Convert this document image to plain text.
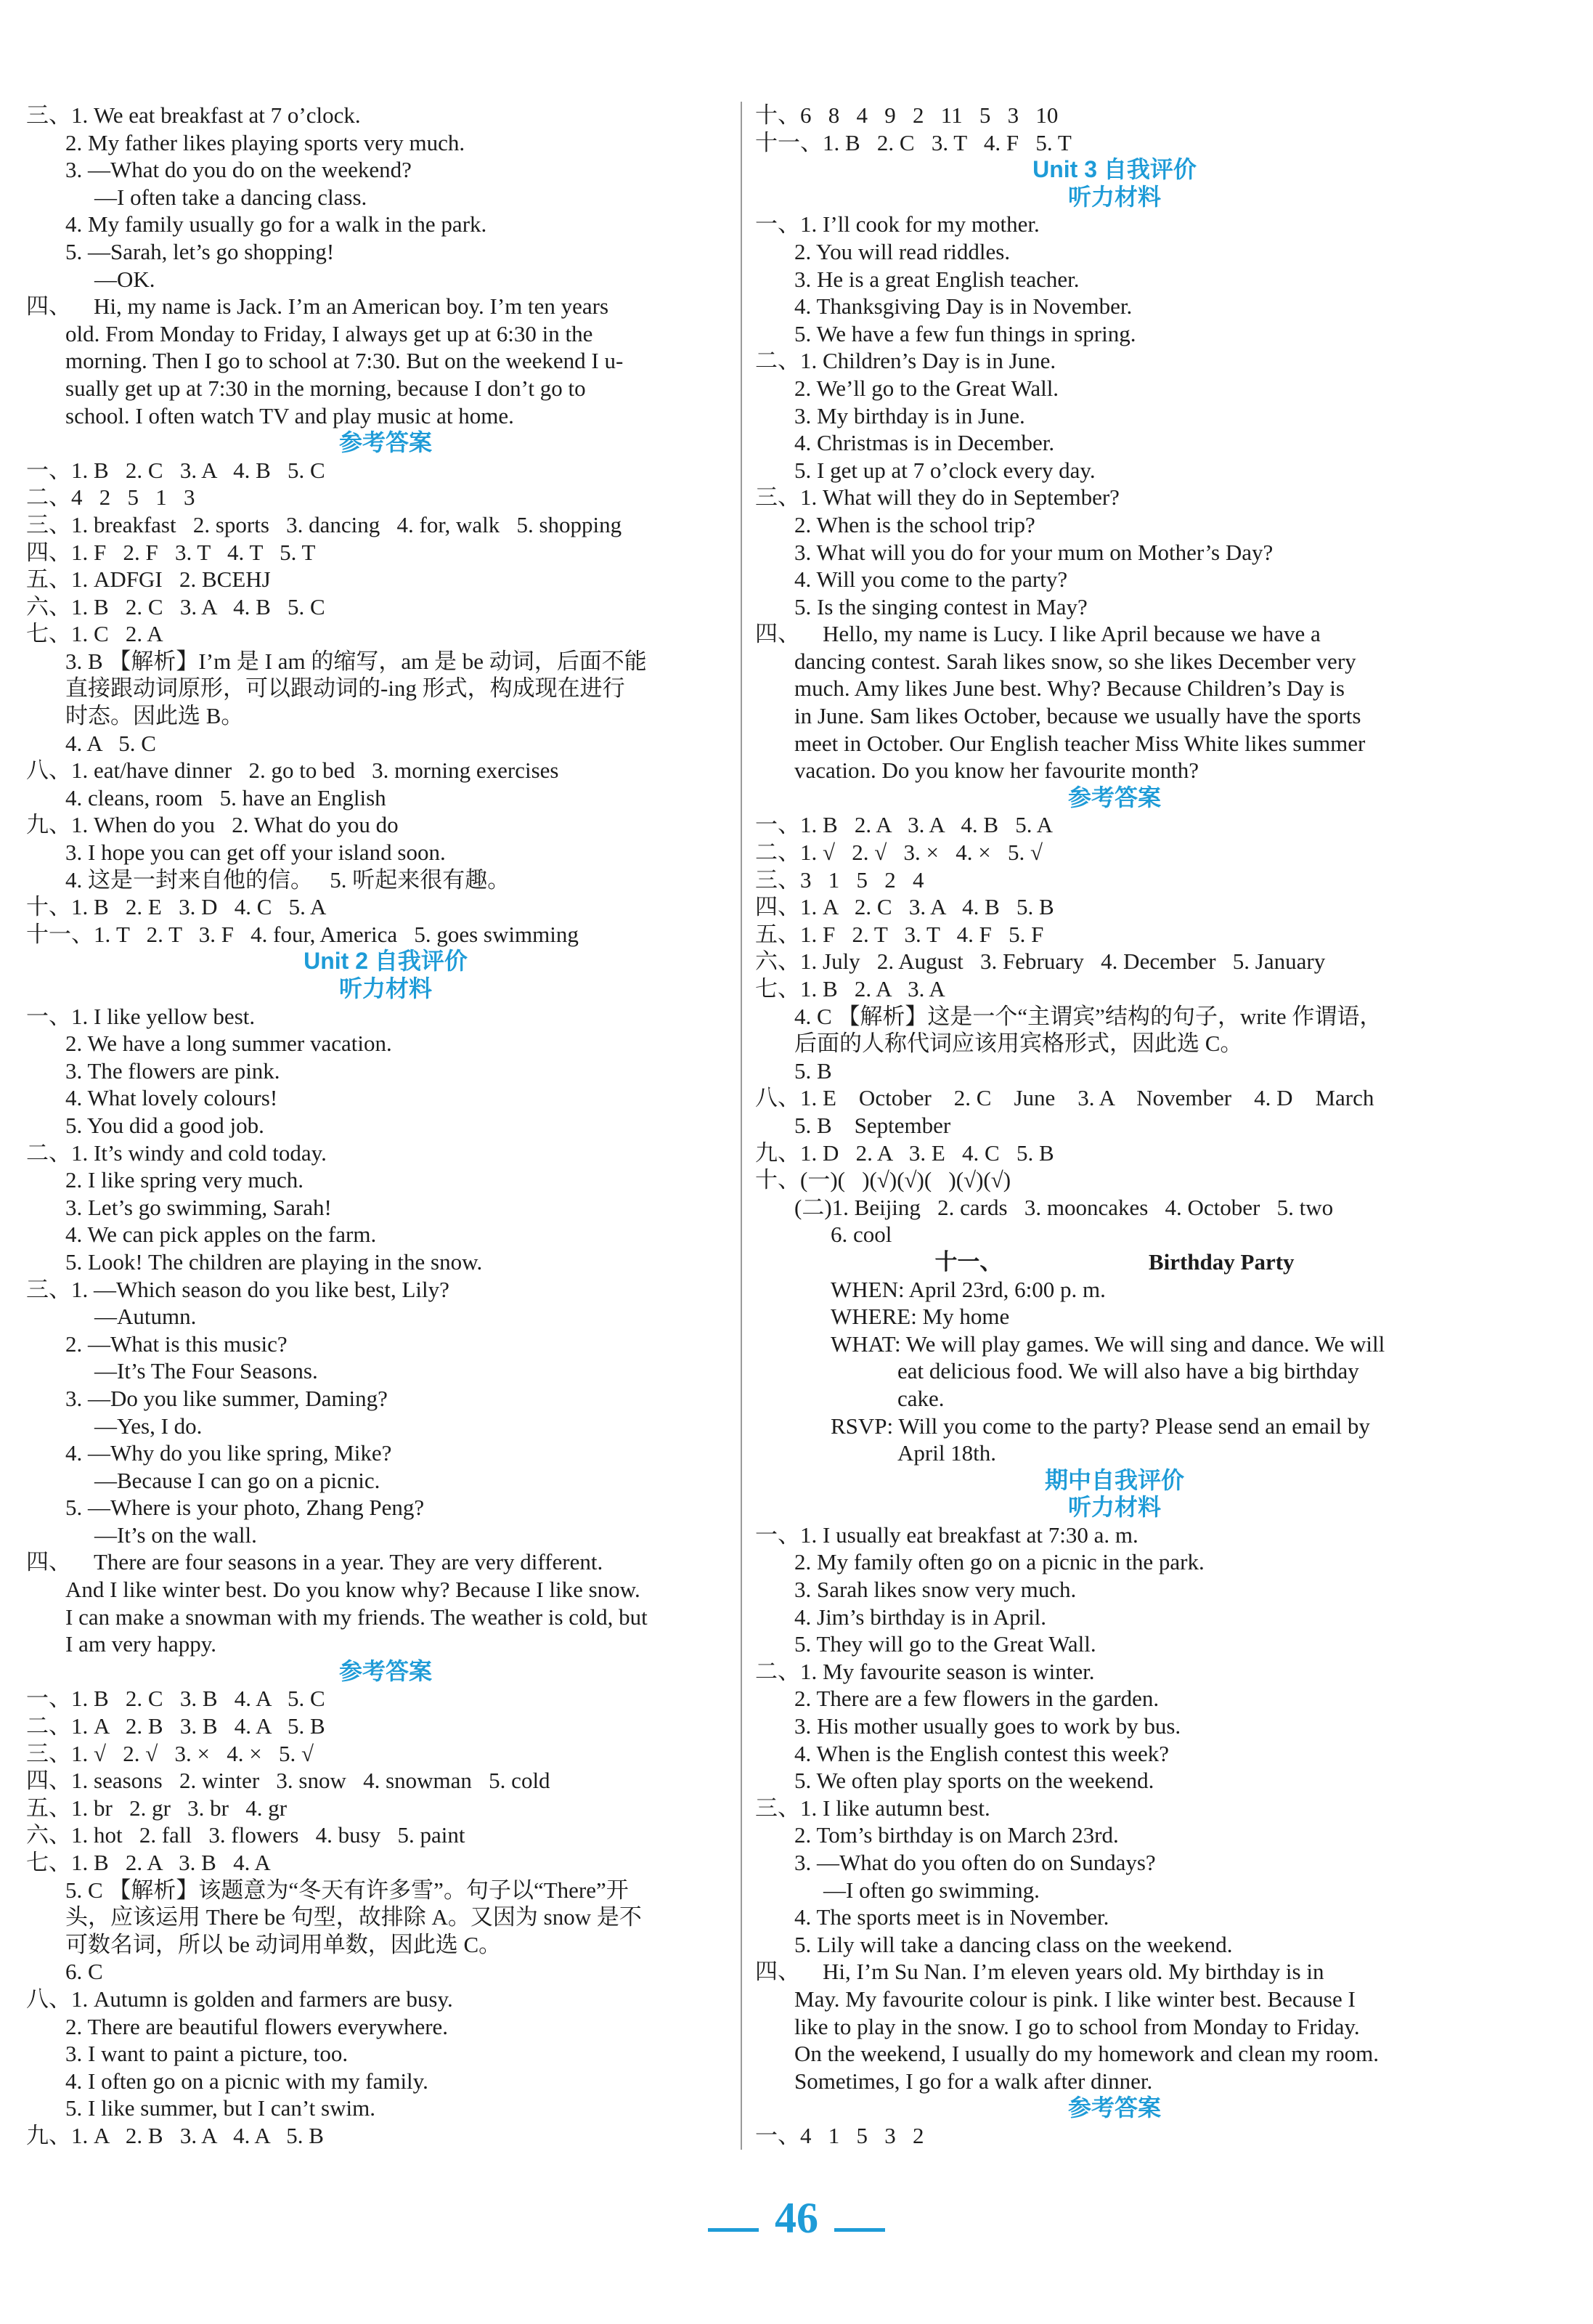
三、1. We eat breakfast at 7 o’clock.
2. My father likes playing sports very much.
3. —What do you do on the weekend?
—I often take a dancing class.
4. My family usually go for a walk in the park.
5. —Sarah, let’s go shopping!
—OK.
四、    Hi, my name is Jack. I’m an American boy. I’m ten years
old. From Monday to Friday, I always get up at 6:30 in the
morning. Then I go to school at 7:30. But on the weekend I u-
sually get up at 7:30 in the morning, because I don’t go to
school. I often watch TV and play music at home.
参考答案
一、1. B   2. C   3. A   4. B   5. C
二、4   2   5   1   3
三、1. breakfast   2. sports   3. dancing   4. for, walk   5. shopping
四、1. F   2. F   3. T   4. T   5. T
五、1. ADFGI   2. BCEHJ
六、1. B   2. C   3. A   4. B   5. C
七、1. C   2. A
3. B 【解析】I’m 是 I am 的缩写，am 是 be 动词，后面不能
直接跟动词原形，可以跟动词的-ing 形式，构成现在进行
时态。因此选 B。
4. A   5. C
八、1. eat/have dinner   2. go to bed   3. morning exercises
4. cleans, room   5. have an English
九、1. When do you   2. What do you do
3. I hope you can get off your island soon.
4. 这是一封来自他的信。   5. 听起来很有趣。
十、1. B   2. E   3. D   4. C   5. A
十一、1. T   2. T   3. F   4. four, America   5. goes swimming
Unit 2 自我评价
听力材料
一、1. I like yellow best.
2. We have a long summer vacation.
3. The flowers are pink.
4. What lovely colours!
5. You did a good job.
二、1. It’s windy and cold today.
2. I like spring very much.
3. Let’s go swimming, Sarah!
4. We can pick apples on the farm.
5. Look! The children are playing in the snow.
三、1. —Which season do you like best, Lily?
—Autumn.
2. —What is this music?
—It’s The Four Seasons.
3. —Do you like summer, Daming?
—Yes, I do.
4. —Why do you like spring, Mike?
—Because I can go on a picnic.
5. —Where is your photo, Zhang Peng?
—It’s on the wall.
四、    There are four seasons in a year. They are very different.
And I like winter best. Do you know why? Because I like snow.
I can make a snowman with my friends. The weather is cold, but
I am very happy.
参考答案
一、1. B   2. C   3. B   4. A   5. C
二、1. A   2. B   3. B   4. A   5. B
三、1. √   2. √   3. ×   4. ×   5. √
四、1. seasons   2. winter   3. snow   4. snowman   5. cold
五、1. br   2. gr   3. br   4. gr
六、1. hot   2. fall   3. flowers   4. busy   5. paint
七、1. B   2. A   3. B   4. A
5. C 【解析】该题意为“冬天有许多雪”。句子以“There”开
头，应该运用 There be 句型，故排除 A。又因为 snow 是不
可数名词，所以 be 动词用单数，因此选 C。
6. C
八、1. Autumn is golden and farmers are busy.
2. There are beautiful flowers everywhere.
3. I want to paint a picture, too.
4. I often go on a picnic with my family.
5. I like summer, but I can’t swim.
九、1. A   2. B   3. A   4. A   5. B
十、6   8   4   9   2   11   5   3   10
十一、1. B   2. C   3. T   4. F   5. T
Unit 3 自我评价
听力材料
一、1. I’ll cook for my mother.
2. You will read riddles.
3. He is a great English teacher.
4. Thanksgiving Day is in November.
5. We have a few fun things in spring.
二、1. Children’s Day is in June.
2. We’ll go to the Great Wall.
3. My birthday is in June.
4. Christmas is in December.
5. I get up at 7 o’clock every day.
三、1. What will they do in September?
2. When is the school trip?
3. What will you do for your mum on Mother’s Day?
4. Will you come to the party?
5. Is the singing contest in May?
四、    Hello, my name is Lucy. I like April because we have a
dancing contest. Sarah likes snow, so she likes December very
much. Amy likes June best. Why? Because Children’s Day is
in June. Sam likes October, because we usually have the sports
meet in October. Our English teacher Miss White likes summer
vacation. Do you know her favourite month?
参考答案
一、1. B   2. A   3. A   4. B   5. A
二、1. √   2. √   3. ×   4. ×   5. √
三、3   1   5   2   4
四、1. A   2. C   3. A   4. B   5. B
五、1. F   2. T   3. T   4. F   5. F
六、1. July   2. August   3. February   4. December   5. January
七、1. B   2. A   3. A
4. C 【解析】这是一个“主谓宾”结构的句子，write 作谓语，
后面的人称代词应该用宾格形式，因此选 C。
5. B
八、1. E    October    2. C    June    3. A    November    4. D    March
5. B    September
九、1. D   2. A   3. E   4. C   5. B
十、(一)(   )(√)(√)(   )(√)(√)
(二)1. Beijing   2. cards   3. mooncakes   4. October   5. two
6. cool
十一、                          Birthday Party
WHEN: April 23rd, 6:00 p. m.
WHERE: My home
WHAT: We will play games. We will sing and dance. We will
eat delicious food. We will also have a big birthday
cake.
RSVP: Will you come to the party? Please send an email by
April 18th.
期中自我评价
听力材料
一、1. I usually eat breakfast at 7:30 a. m.
2. My family often go on a picnic in the park.
3. Sarah likes snow very much.
4. Jim’s birthday is in April.
5. They will go to the Great Wall.
二、1. My favourite season is winter.
2. There are a few flowers in the garden.
3. His mother usually goes to work by bus.
4. When is the English contest this week?
5. We often play sports on the weekend.
三、1. I like autumn best.
2. Tom’s birthday is on March 23rd.
3. —What do you often do on Sundays?
—I often go swimming.
4. The sports meet is in November.
5. Lily will take a dancing class on the weekend.
四、    Hi, I’m Su Nan. I’m eleven years old. My birthday is in
May. My favourite colour is pink. I like winter best. Because I
like to play in the snow. I go to school from Monday to Friday.
On the weekend, I usually do my homework and clean my room.
Sometimes, I go for a walk after dinner.
参考答案
一、4   1   5   3   2
46
